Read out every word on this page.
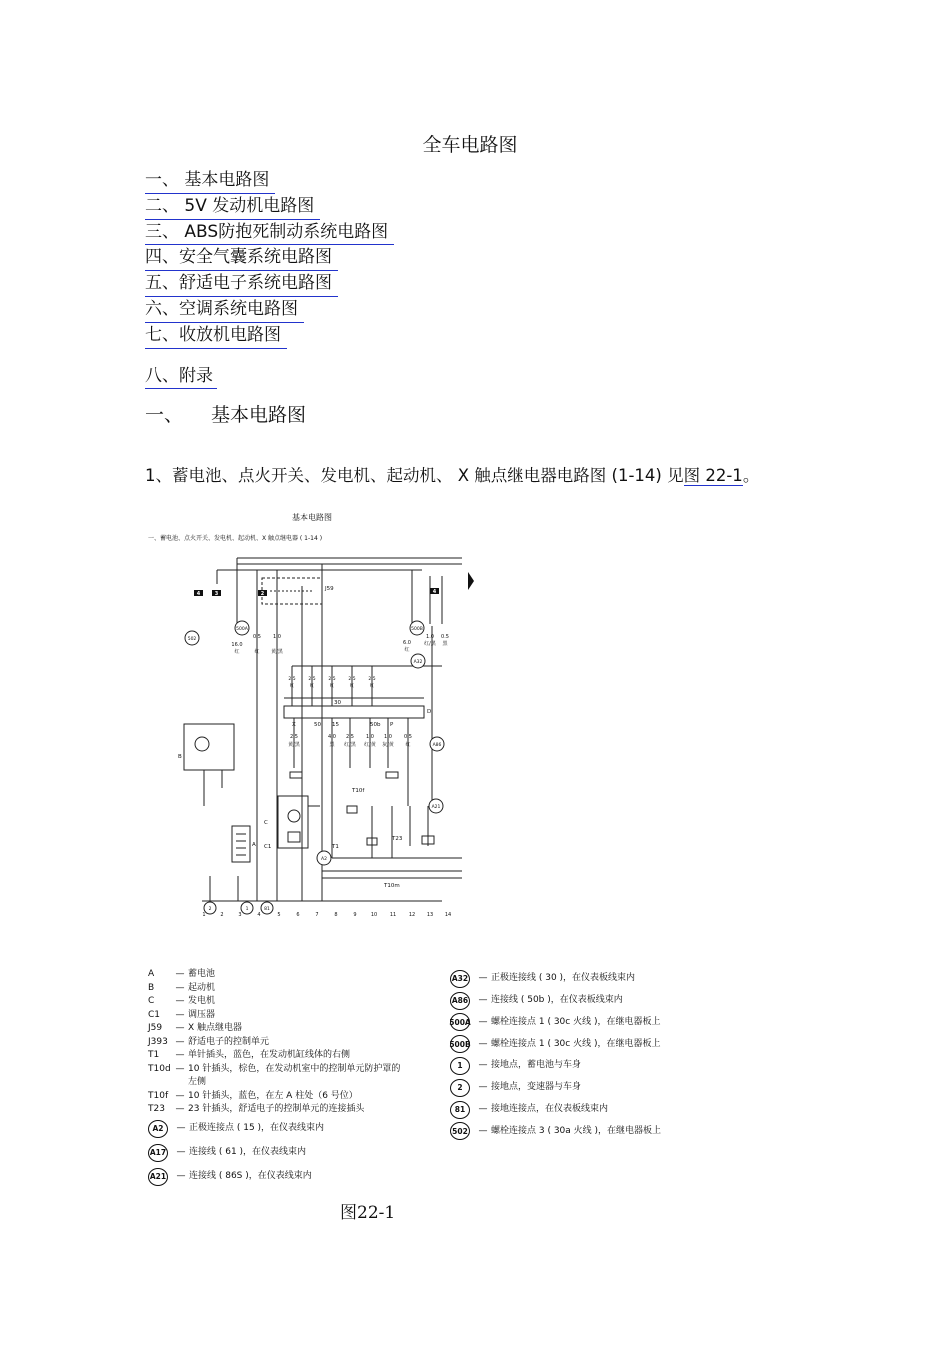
全车电路图
一、 基本电路图
二、 5V 发动机电路图
三、 ABS防抱死制动系统电路图
四、安全气囊系统电路图
五、舒适电子系统电路图
六、空调系统电路图
七、收放机电路图
八、附录
一、 基本电路图
1、蓄电池、点火开关、发电机、起动机、 X 触点继电器电路图 (1-14) 见图 22-1。
502
500A	500B
A32
A86
A21
A2
2	1	81
4	3	2	4
基本电路图
一、蓄电池、点火开关、发电机、起动机、X 触点继电器 ( 1-14 )
J59
B
A
C
C1	T1
D
T10m
T10f
T23
30
X	50 15	50b P
2.5
黄/黑
4.0
黑
2.5
红/黑
1.0
红/黄
1.0
灰/黄
0.5
红
16.0
红
0.5
红
1.0
黄/黑
6.0
红
1.0
红/黑
0.5
黑
2.5	2.5	2.5	2.5	2.5
红	红	红	红	红
1	2	3	4	5	6	7	8	9	10	11	12 13 14
A	— 蓄电池
B	— 起动机
C	— 发电机
C1	— 调压器
J59	— X 触点继电器
J393 — 舒适电子的控制单元
T1	— 单针插头，蓝色，在发动机缸线体的右侧
T10d — 10 针插头，棕色，在发动机室中的控制单元防护罩的
左侧
T10f — 10 针插头，蓝色，在左 A 柱处（6 号位）
T23	— 23 针插头，舒适电子的控制单元的连接插头
A2	— 正极连接点 ( 15 )，在仪表线束内
A17	— 连接线 ( 61 )，在仪表线束内
A21	— 连接线 ( 86S )，在仪表线束内
A32	— 正极连接线 ( 30 )，在仪表板线束内
A86	— 连接线 ( 50b )，在仪表板线束内
500A — 螺栓连接点 1 ( 30c 火线 )，在继电器板上
500B — 螺栓连接点 1 ( 30c 火线 )，在继电器板上
1	— 接地点，蓄电池与车身
2	— 接地点，变速器与车身
81	— 接地连接点，在仪表板线束内
502	— 螺栓连接点 3 ( 30a 火线 )，在继电器板上
图22-1
